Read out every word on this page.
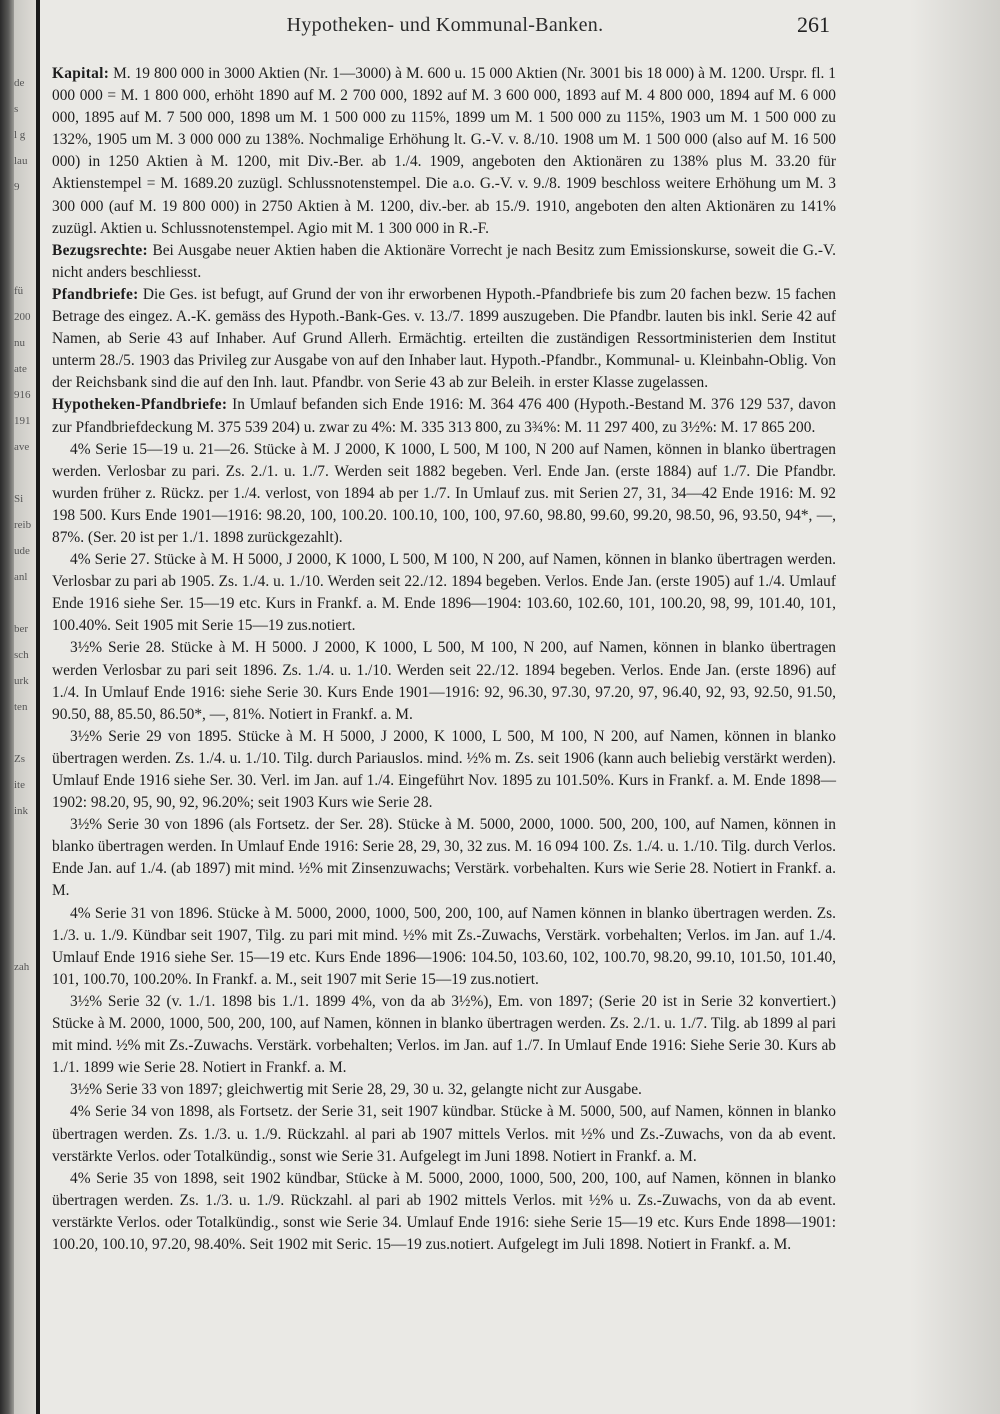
de
s
l g
lau
9
fü
200
nu
ate
916
191
ave
Si
reib
ude
anl
ber
sch
urk
ten
Zs
ite
ink
zah
Hypotheken- und Kommunal-Banken.	261

Kapital: M. 19 800 000 in 3000 Aktien (Nr. 1—3000) à M. 600 u. 15 000 Aktien (Nr. 3001 bis 18 000) à M. 1200. Urspr. fl. 1 000 000 = M. 1 800 000, erhöht 1890 auf M. 2 700 000, 1892 auf M. 3 600 000, 1893 auf M. 4 800 000, 1894 auf M. 6 000 000, 1895 auf M. 7 500 000, 1898 um M. 1 500 000 zu 115%, 1899 um M. 1 500 000 zu 115%, 1903 um M. 1 500 000 zu 132%, 1905 um M. 3 000 000 zu 138%. Nochmalige Erhöhung lt. G.-V. v. 8./10. 1908 um M. 1 500 000 (also auf M. 16 500 000) in 1250 Aktien à M. 1200, mit Div.-Ber. ab 1./4. 1909, angeboten den Aktionären zu 138% plus M. 33.20 für Aktienstempel = M. 1689.20 zuzügl. Schlussnotenstempel. Die a.o. G.-V. v. 9./8. 1909 beschloss weitere Erhöhung um M. 3 300 000 (auf M. 19 800 000) in 2750 Aktien à M. 1200, div.-ber. ab 15./9. 1910, angeboten den alten Aktionären zu 141% zuzügl. Aktien u. Schlussnotenstempel. Agio mit M. 1 300 000 in R.-F.

Bezugsrechte: Bei Ausgabe neuer Aktien haben die Aktionäre Vorrecht je nach Besitz zum Emissionskurse, soweit die G.-V. nicht anders beschliesst.

Pfandbriefe: Die Ges. ist befugt, auf Grund der von ihr erworbenen Hypoth.-Pfandbriefe bis zum 20 fachen bezw. 15 fachen Betrage des eingez. A.-K. gemäss des Hypoth.-Bank-Ges. v. 13./7. 1899 auszugeben. Die Pfandbr. lauten bis inkl. Serie 42 auf Namen, ab Serie 43 auf Inhaber. Auf Grund Allerh. Ermächtig. erteilten die zuständigen Ressortministerien dem Institut unterm 28./5. 1903 das Privileg zur Ausgabe von auf den Inhaber laut. Hypoth.-Pfandbr., Kommunal- u. Kleinbahn-Oblig. Von der Reichsbank sind die auf den Inh. laut. Pfandbr. von Serie 43 ab zur Beleih. in erster Klasse zugelassen.

Hypotheken-Pfandbriefe: In Umlauf befanden sich Ende 1916: M. 364 476 400 (Hypoth.-Bestand M. 376 129 537, davon zur Pfandbriefdeckung M. 375 539 204) u. zwar zu 4%: M. 335 313 800, zu 3¾%: M. 11 297 400, zu 3½%: M. 17 865 200.

4% Serie 15—19 u. 21—26. Stücke à M. J 2000, K 1000, L 500, M 100, N 200 auf Namen, können in blanko übertragen werden. Verlosbar zu pari. Zs. 2./1. u. 1./7. Werden seit 1882 begeben. Verl. Ende Jan. (erste 1884) auf 1./7. Die Pfandbr. wurden früher z. Rückz. per 1./4. verlost, von 1894 ab per 1./7. In Umlauf zus. mit Serien 27, 31, 34—42 Ende 1916: M. 92 198 500. Kurs Ende 1901—1916: 98.20, 100, 100.20. 100.10, 100, 100, 97.60, 98.80, 99.60, 99.20, 98.50, 96, 93.50, 94*, —, 87%. (Ser. 20 ist per 1./1. 1898 zurückgezahlt).

4% Serie 27. Stücke à M. H 5000, J 2000, K 1000, L 500, M 100, N 200, auf Namen, können in blanko übertragen werden. Verlosbar zu pari ab 1905. Zs. 1./4. u. 1./10. Werden seit 22./12. 1894 begeben. Verlos. Ende Jan. (erste 1905) auf 1./4. Umlauf Ende 1916 siehe Ser. 15—19 etc. Kurs in Frankf. a. M. Ende 1896—1904: 103.60, 102.60, 101, 100.20, 98, 99, 101.40, 101, 100.40%. Seit 1905 mit Serie 15—19 zus.notiert.

3½% Serie 28. Stücke à M. H 5000. J 2000, K 1000, L 500, M 100, N 200, auf Namen, können in blanko übertragen werden Verlosbar zu pari seit 1896. Zs. 1./4. u. 1./10. Werden seit 22./12. 1894 begeben. Verlos. Ende Jan. (erste 1896) auf 1./4. In Umlauf Ende 1916: siehe Serie 30. Kurs Ende 1901—1916: 92, 96.30, 97.30, 97.20, 97, 96.40, 92, 93, 92.50, 91.50, 90.50, 88, 85.50, 86.50*, —, 81%. Notiert in Frankf. a. M.

3½% Serie 29 von 1895. Stücke à M. H 5000, J 2000, K 1000, L 500, M 100, N 200, auf Namen, können in blanko übertragen werden. Zs. 1./4. u. 1./10. Tilg. durch Pariauslos. mind. ½% m. Zs. seit 1906 (kann auch beliebig verstärkt werden). Umlauf Ende 1916 siehe Ser. 30. Verl. im Jan. auf 1./4. Eingeführt Nov. 1895 zu 101.50%. Kurs in Frankf. a. M. Ende 1898—1902: 98.20, 95, 90, 92, 96.20%; seit 1903 Kurs wie Serie 28.

3½% Serie 30 von 1896 (als Fortsetz. der Ser. 28). Stücke à M. 5000, 2000, 1000. 500, 200, 100, auf Namen, können in blanko übertragen werden. In Umlauf Ende 1916: Serie 28, 29, 30, 32 zus. M. 16 094 100. Zs. 1./4. u. 1./10. Tilg. durch Verlos. Ende Jan. auf 1./4. (ab 1897) mit mind. ½% mit Zinsenzuwachs; Verstärk. vorbehalten. Kurs wie Serie 28. Notiert in Frankf. a. M.

4% Serie 31 von 1896. Stücke à M. 5000, 2000, 1000, 500, 200, 100, auf Namen können in blanko übertragen werden. Zs. 1./3. u. 1./9. Kündbar seit 1907, Tilg. zu pari mit mind. ½% mit Zs.-Zuwachs, Verstärk. vorbehalten; Verlos. im Jan. auf 1./4. Umlauf Ende 1916 siehe Ser. 15—19 etc. Kurs Ende 1896—1906: 104.50, 103.60, 102, 100.70, 98.20, 99.10, 101.50, 101.40, 101, 100.70, 100.20%. In Frankf. a. M., seit 1907 mit Serie 15—19 zus.notiert.

3½% Serie 32 (v. 1./1. 1898 bis 1./1. 1899 4%, von da ab 3½%), Em. von 1897; (Serie 20 ist in Serie 32 konvertiert.) Stücke à M. 2000, 1000, 500, 200, 100, auf Namen, können in blanko übertragen werden. Zs. 2./1. u. 1./7. Tilg. ab 1899 al pari mit mind. ½% mit Zs.-Zuwachs. Verstärk. vorbehalten; Verlos. im Jan. auf 1./7. In Umlauf Ende 1916: Siehe Serie 30. Kurs ab 1./1. 1899 wie Serie 28. Notiert in Frankf. a. M.

3½% Serie 33 von 1897; gleichwertig mit Serie 28, 29, 30 u. 32, gelangte nicht zur Ausgabe.

4% Serie 34 von 1898, als Fortsetz. der Serie 31, seit 1907 kündbar. Stücke à M. 5000, 500, auf Namen, können in blanko übertragen werden. Zs. 1./3. u. 1./9. Rückzahl. al pari ab 1907 mittels Verlos. mit ½% und Zs.-Zuwachs, von da ab event. verstärkte Verlos. oder Totalkündig., sonst wie Serie 31. Aufgelegt im Juni 1898. Notiert in Frankf. a. M.

4% Serie 35 von 1898, seit 1902 kündbar, Stücke à M. 5000, 2000, 1000, 500, 200, 100, auf Namen, können in blanko übertragen werden. Zs. 1./3. u. 1./9. Rückzahl. al pari ab 1902 mittels Verlos. mit ½% u. Zs.-Zuwachs, von da ab event. verstärkte Verlos. oder Totalkündig., sonst wie Serie 34. Umlauf Ende 1916: siehe Serie 15—19 etc. Kurs Ende 1898—1901: 100.20, 100.10, 97.20, 98.40%. Seit 1902 mit Seric. 15—19 zus.notiert. Aufgelegt im Juli 1898. Notiert in Frankf. a. M.
